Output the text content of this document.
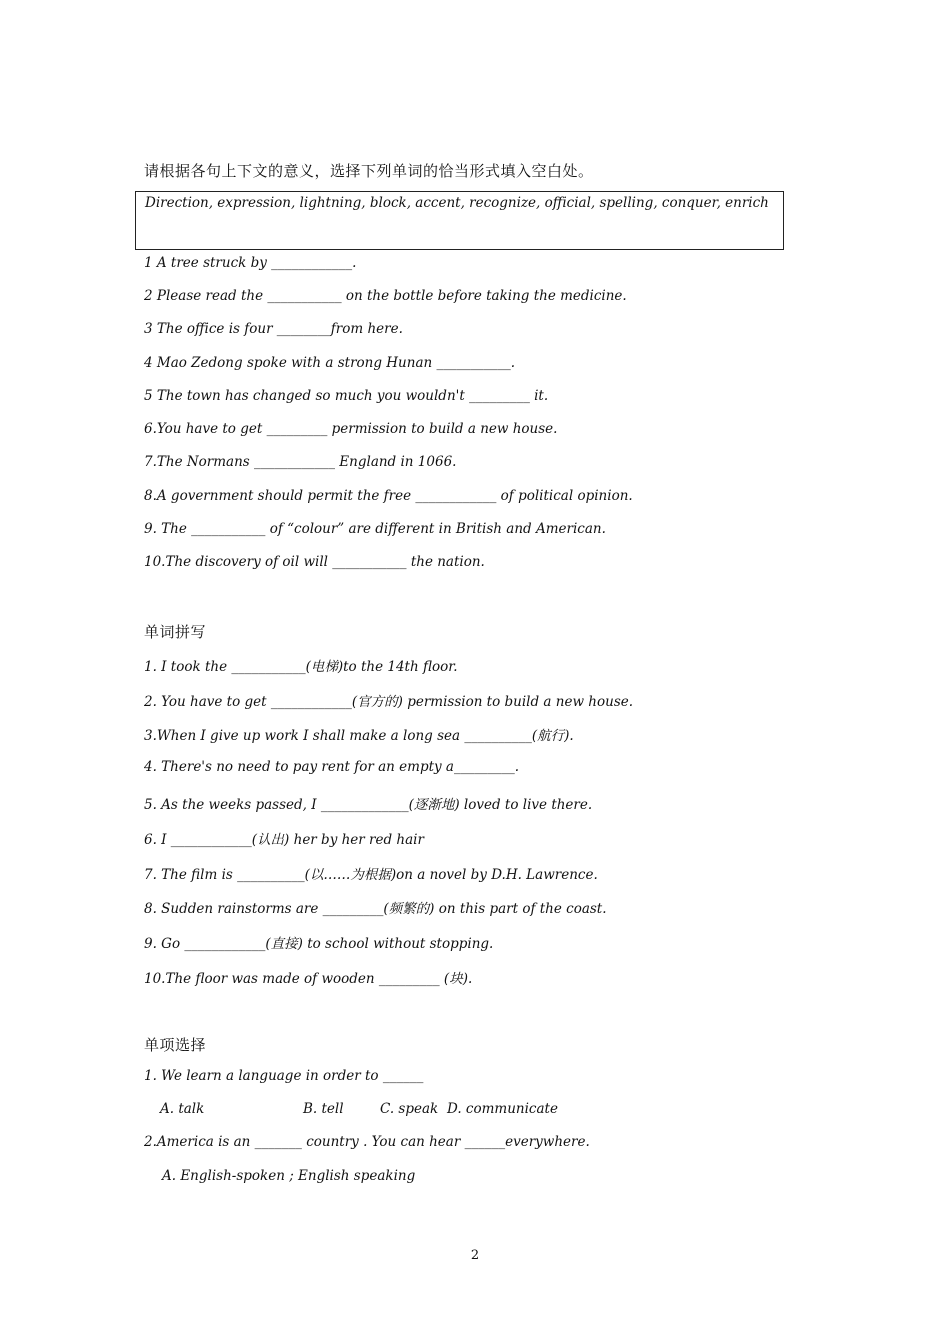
请根据各句上下文的意义，选择下列单词的恰当形式填入空白处。
Direction, expression, lightning, block, accent, recognize, official, spelling, conquer, enrich
1 A tree struck by ____________.
2 Please read the ___________ on the bottle before taking the medicine.
3 The office is four ________from here.
4 Mao Zedong spoke with a strong Hunan ___________.
5 The town has changed so much you wouldn't _________ it.
6.You have to get _________ permission to build a new house.
7.The Normans ____________ England in 1066.
8.A government should permit the free ____________ of political opinion.
9. The ___________ of “colour” are different in British and American.
10.The discovery of oil will ___________ the nation.
单词拼写
1. I took the ___________(电梯)to the 14th floor.
2. You have to get ____________(官方的) permission to build a new house.
3.When I give up work I shall make a long sea __________(航行).
4. There's no need to pay rent for an empty a_________.
5. As the weeks passed, I _____________(逐渐地) loved to live there.
6. I ____________(认出) her by her red hair
7. The film is __________(以……为根据)on a novel by D.H. Lawrence.
8. Sudden rainstorms are _________(频繁的) on this part of the coast.
9. Go ____________(直接) to school without stopping.
10.The floor was made of wooden _________ (块).
单项选择
1. We learn a language in order to ______
A. talk	B. tell	C. speak D. communicate
2.America is an _______ country . You can hear ______everywhere.
A. English-spoken ; English speaking
2
